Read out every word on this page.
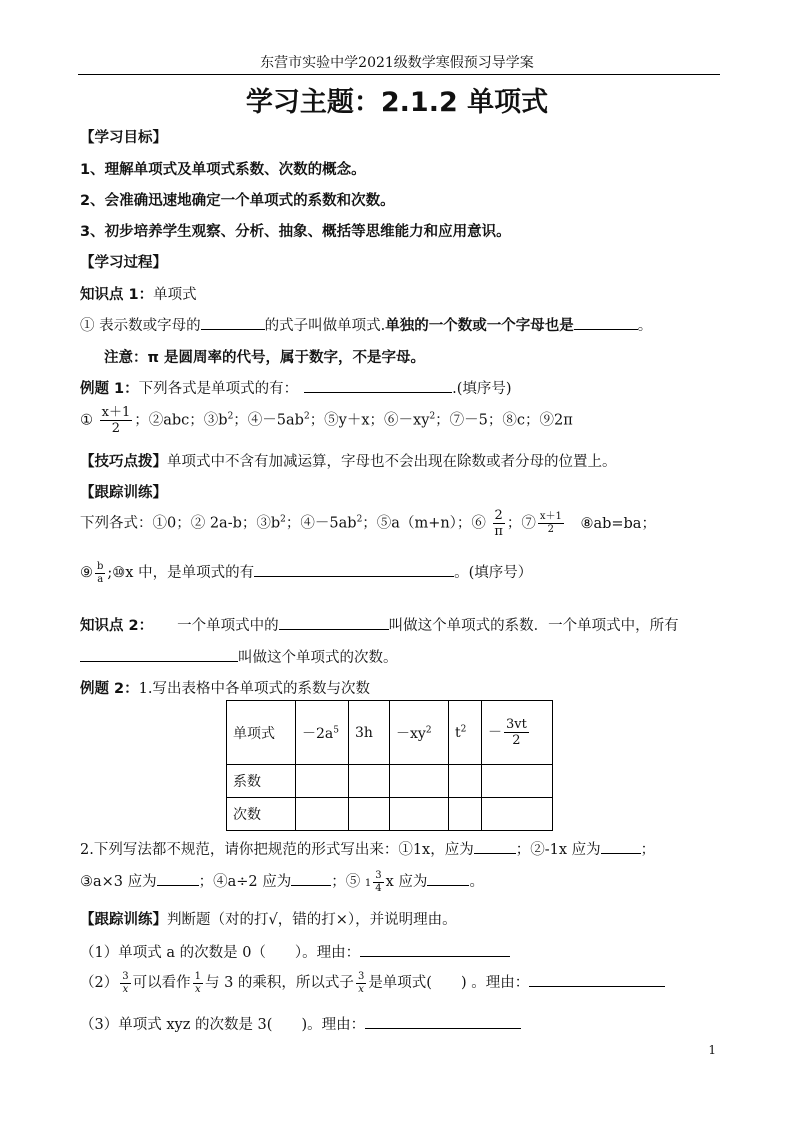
东营市实验中学2021级数学寒假预习导学案
学习主题：2.1.2 单项式
【学习目标】
1、理解单项式及单项式系数、次数的概念。
2、会准确迅速地确定一个单项式的系数和次数。
3、初步培养学生观察、分析、抽象、概括等思维能力和应用意识。
【学习过程】
知识点 1：单项式
① 表示数或字母的	的式子叫做单项式.单独的一个数或一个字母也是	。
注意：π 是圆周率的代号，属于数字，不是字母。
例题 1：下列各式是单项式的有：	.(填序号)
① $\frac{x+1}{2}$ ；②abc；$③b^2$；$④-5ab^2$；⑤y＋x；$⑥-xy^2$；⑦－5；⑧c；⑨2π
【技巧点拨】单项式中不含有加减运算，字母也不会出现在除数或者分母的位置上。
【跟踪训练】
下列各式：①0；② 2a-b；$③b^2$；$④-5ab^2$；⑤a（m+n）；⑥ $\frac{2}{\pi}$ ；⑦ $\frac{x+1}{2}$ ⑧ab=ba；
⑨ $\frac{b}{a}$ ;⑩x 中，是单项式的有	。(填序号）
知识点 2： 一个单项式中的	叫做这个单项式的系数．一个单项式中，所有
叫做这个单项式的次数。
例题 2：1.写出表格中各单项式的系数与次数
单项式	$-2a^5$	3h	$-xy^2$	$t^2$	－ $\frac{3vt}{2}$

系数					
次数					
2.下列写法都不规范，请你把规范的形式写出来：①1x，应为	；②-1x 应为	；
③a×3 应为	；④a÷2 应为	；⑤ $1 \frac{3}{4}$ x 应为	。
【跟踪训练】判断题（对的打√，错的打×），并说明理由。
（1）单项式 a 的次数是 0（　　）。理由：
$(2) \frac{3}{x}$ 可以看作 $\frac{1}{x}$ 与 3 的乘积，所以式子 $\frac{3}{x}$ 是单项式(　　) 。理由：
（3）单项式 xyz 的次数是 3(　　)。理由：
1
